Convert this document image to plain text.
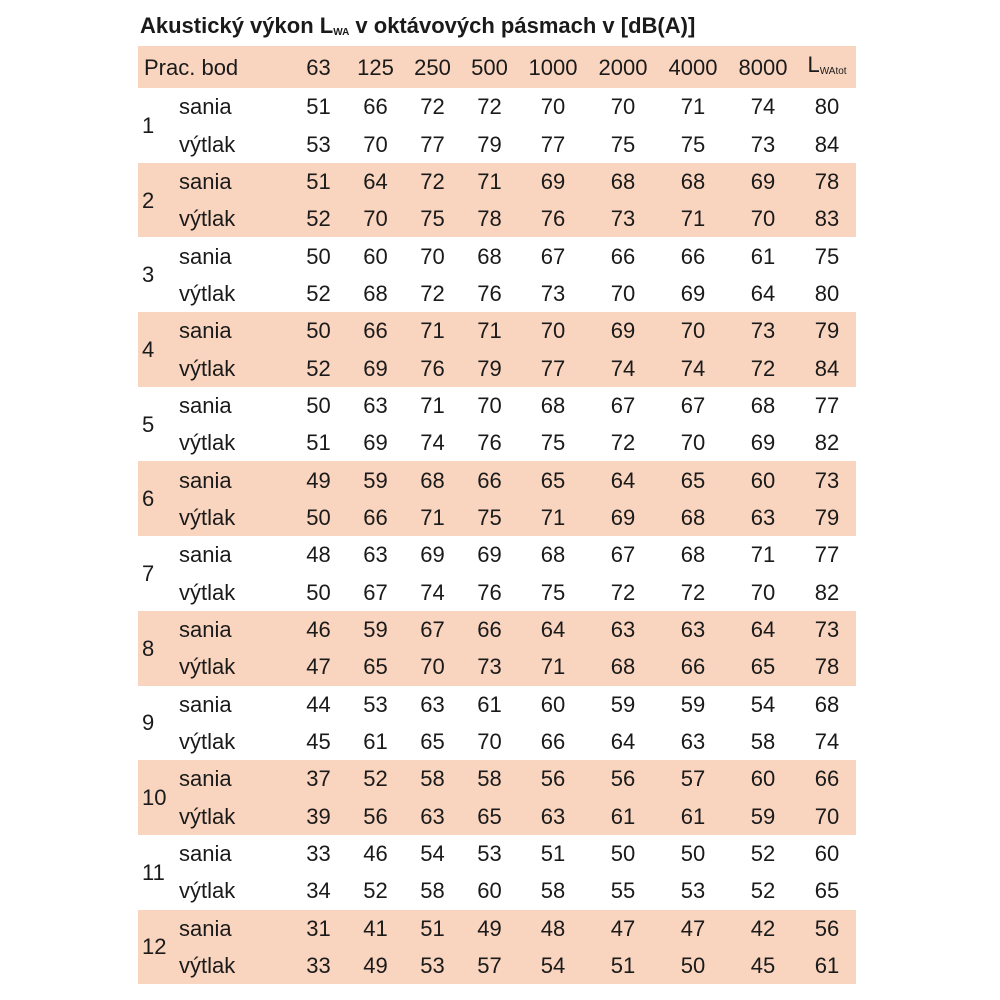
Akustický výkon $L_{WA}$ v oktávových pásmach v [dB(A)]
Prac. bod		63	125	250	500	1000	2000	4000	8000	$L_{WAtot}$
1	sania	51	66	72	72	70	70	71	74	80
	výtlak	53	70	77	79	77	75	75	73	84
2	sania	51	64	72	71	69	68	68	69	78
	výtlak	52	70	75	78	76	73	71	70	83
3	sania	50	60	70	68	67	66	66	61	75
	výtlak	52	68	72	76	73	70	69	64	80
4	sania	50	66	71	71	70	69	70	73	79
	výtlak	52	69	76	79	77	74	74	72	84
5	sania	50	63	71	70	68	67	67	68	77
	výtlak	51	69	74	76	75	72	70	69	82
6	sania	49	59	68	66	65	64	65	60	73
	výtlak	50	66	71	75	71	69	68	63	79
7	sania	48	63	69	69	68	67	68	71	77
	výtlak	50	67	74	76	75	72	72	70	82
8	sania	46	59	67	66	64	63	63	64	73
	výtlak	47	65	70	73	71	68	66	65	78
9	sania	44	53	63	61	60	59	59	54	68
	výtlak	45	61	65	70	66	64	63	58	74
10	sania	37	52	58	58	56	56	57	60	66
	výtlak	39	56	63	65	63	61	61	59	70
11	sania	33	46	54	53	51	50	50	52	60
	výtlak	34	52	58	60	58	55	53	52	65
12	sania	31	41	51	49	48	47	47	42	56
	výtlak	33	49	53	57	54	51	50	45	61
